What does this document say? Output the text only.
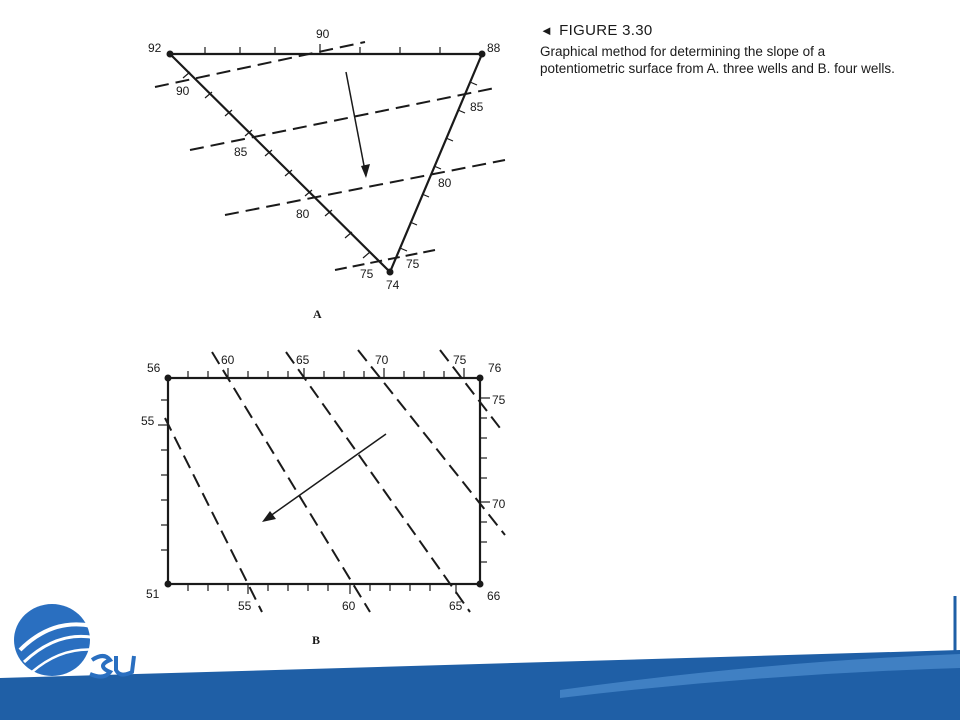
◄ FIGURE 3.30
Graphical method for determining the slope of a potentiometric surface from A. three wells and B. four wells.
92	88
74
90
90
85
85
80
80
75
75
A
56	76
51	66
60	65	70	75
75
70
55
55	60	65
B
